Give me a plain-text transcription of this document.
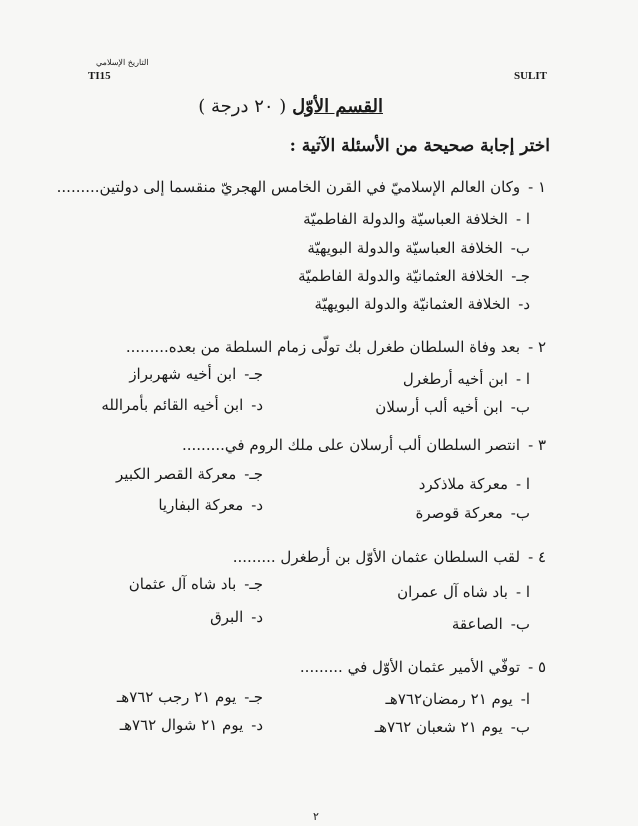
التاريخ الإسلامي
TI15	SULIT
القسم الأوّل ( ٢٠ درجة )
اختر إجابة صحيحة من الأسئلة الآتية :
١ -وكان العالم الإسلاميّ في القرن الخامس الهجريّ منقسما إلى دولتين.........
ا -الخلافة العباسيّة والدولة الفاطميّة
ب-الخلافة العباسيّة والدولة البويهيّة
جـ-الخلافة العثمانيّة والدولة الفاطميّة
د-الخلافة العثمانيّة والدولة البويهيّة
٢ -بعد وفاة السلطان طغرل بك تولّى زمام السلطة من بعده.........
ا -ابن أخيه أرطغرل
ب-ابن أخيه ألب أرسلان
جـ-ابن أخيه شهربراز
د-ابن أخيه القائم بأمرالله
٣ -انتصر السلطان ألب أرسلان على ملك الروم في.........
ا -معركة ملاذكرد
ب-معركة قوصرة
جـ-معركة القصر الكبير
د-معركة البفاريا
٤ -لقب السلطان عثمان الأوّل بن أرطغرل .........
ا -باد شاه آل عمران
ب-الصاعقة
جـ-باد شاه آل عثمان
د-البرق
٥ -توفّي الأمير عثمان الأوّل في .........
ا-يوم ٢١ رمضان٧٦٢هـ
ب-يوم ٢١ شعبان ٧٦٢هـ
جـ-يوم ٢١ رجب ٧٦٢هـ
د-يوم ٢١ شوال ٧٦٢هـ
٢
